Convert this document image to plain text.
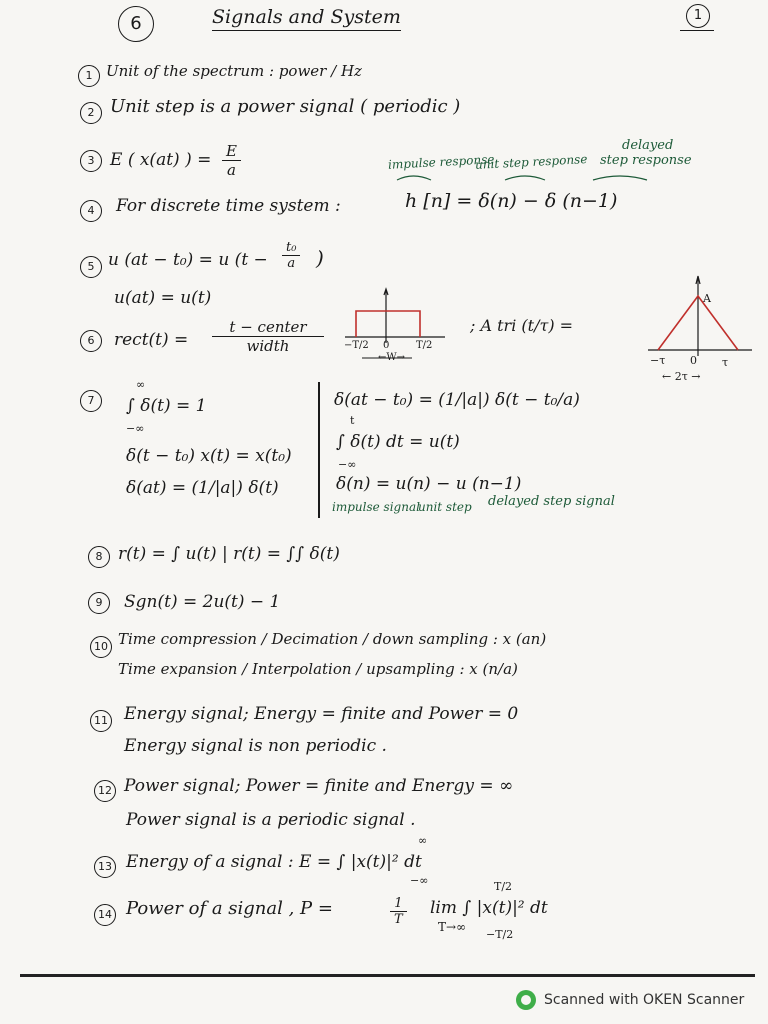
6	Signals and System	1
1 Unit of the spectrum : power / Hz
2 Unit step is a power signal ( periodic )
3 E ( x(at) ) = $\frac{E}{a}$	impulse response
unit step response
delayed
step response
4	For discrete time system :	h [n] = δ(n) − δ (n−1)
5 u (at − t₀) = u ($t - \frac{\text{t₀}}{a}$ )
u(at) = u(t)
6	rect(t) =
t − center
width	−T/2 0	T/2
←W→
; A tri (t/τ) =
A
−τ 0 τ
← 2τ →
7
∞
∫ δ(t) = 1
−∞
δ(t − t₀) x(t) = x(t₀)
δ(at) = (1/|a|) δ(t)
δ(at − t₀) = (1/|a|) δ(t − t₀/a)
t
∫ δ(t) dt = u(t)
−∞
δ(n) = u(n) − u (n−1)
impulse signal
unit step delayed step signal
8 r(t) = ∫ u(t) | r(t) = ∫∫ δ(t)
9	Sgn(t) = 2u(t) − 1
10 Time compression / Decimation / down sampling : x (an)
Time expansion / Interpolation / upsampling : x (n/a)
11 Energy signal; Energy = finite and Power = 0
Energy signal is non periodic .
12 Power signal; Power = finite and Energy = ∞
Power signal is a periodic signal .
13
∞
Energy of a signal : E = ∫ |x(t)|² dt
−∞
14 Power of a signal , P =	$\frac{1}{T}$
T/2
lim ∫ |x(t)|² dt
T→∞
−T/2
Scanned with OKEN Scanner
